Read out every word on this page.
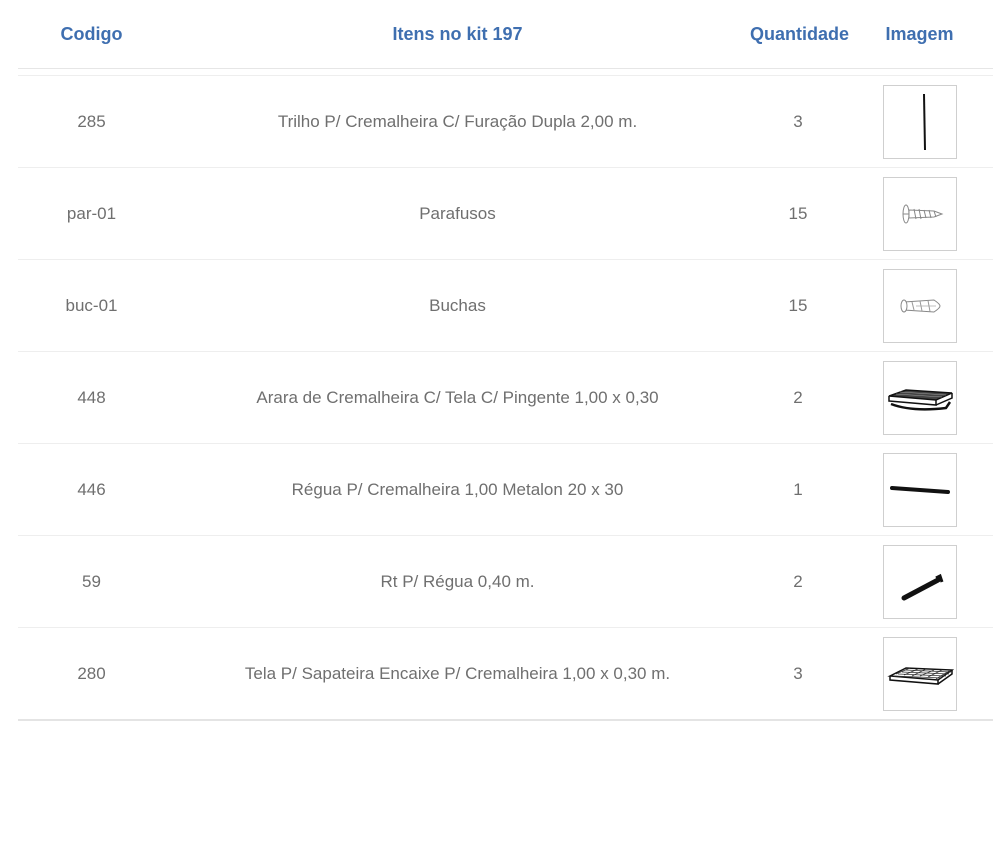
Codigo	Itens no kit 197	Quantidade	Imagem

285	Trilho P/ Cremalheira C/ Furação Dupla 2,00 m.	3	

par-01	Parafusos	15	

buc-01	Buchas	15	

448	Arara de Cremalheira C/ Tela C/ Pingente 1,00 x 0,30	2	

446	Régua P/ Cremalheira 1,00 Metalon 20 x 30	1	

59	Rt P/ Régua 0,40 m.	2	

280	Tela P/ Sapateira Encaixe P/ Cremalheira 1,00 x 0,30 m.	3	
